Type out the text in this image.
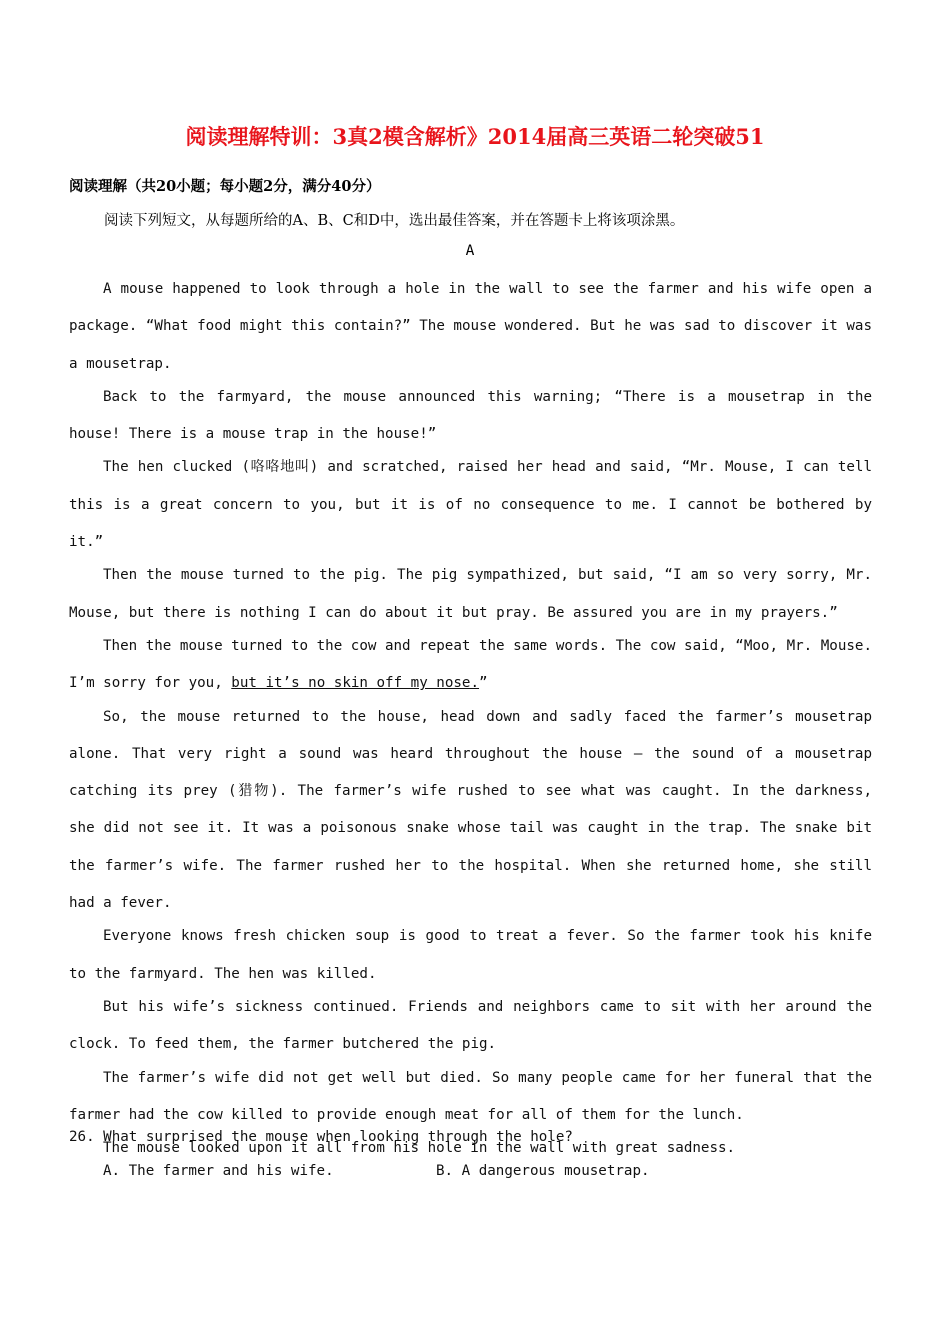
阅读理解特训：3真2模含解析》2014届高三英语二轮突破51
阅读理解（共20小题；每小题2分，满分40分）
阅读下列短文，从每题所给的A、B、C和D中，选出最佳答案，并在答题卡上将该项涂黑。
A

A mouse happened to look through a hole in the wall to see the farmer and his wife open a package. “What food might this contain?” The mouse wondered. But he was sad to discover it was a mousetrap.

Back to the farmyard, the mouse announced this warning; “There is a mousetrap in the house! There is a mouse trap in the house!”

The hen clucked (咯咯地叫) and scratched, raised her head and said, “Mr. Mouse, I can tell this is a great concern to you, but it is of no consequence to me. I cannot be bothered by it.”

Then the mouse turned to the pig. The pig sympathized, but said, “I am so very sorry, Mr. Mouse, but there is nothing I can do about it but pray. Be assured you are in my prayers.”

Then the mouse turned to the cow and repeat the same words. The cow said, “Moo, Mr. Mouse. I’m sorry for you, but it’s no skin off my nose.”

So, the mouse returned to the house, head down and sadly faced the farmer’s mousetrap alone. That very right a sound was heard throughout the house – the sound of a mousetrap catching its prey (猎物). The farmer’s wife rushed to see what was caught. In the darkness, she did not see it. It was a poisonous snake whose tail was caught in the trap. The snake bit the farmer’s wife. The farmer rushed her to the hospital. When she returned home, she still had a fever.

Everyone knows fresh chicken soup is good to treat a fever. So the farmer took his knife to the farmyard. The hen was killed.

But his wife’s sickness continued. Friends and neighbors came to sit with her around the clock. To feed them, the farmer butchered the pig.

The farmer’s wife did not get well but died. So many people came for her funeral that the farmer had the cow killed to provide enough meat for all of them for the lunch.

The mouse looked upon it all from his hole in the wall with great sadness.

26. What surprised the mouse when looking through the hole?
A. The farmer and his wife.	B. A dangerous mousetrap.
